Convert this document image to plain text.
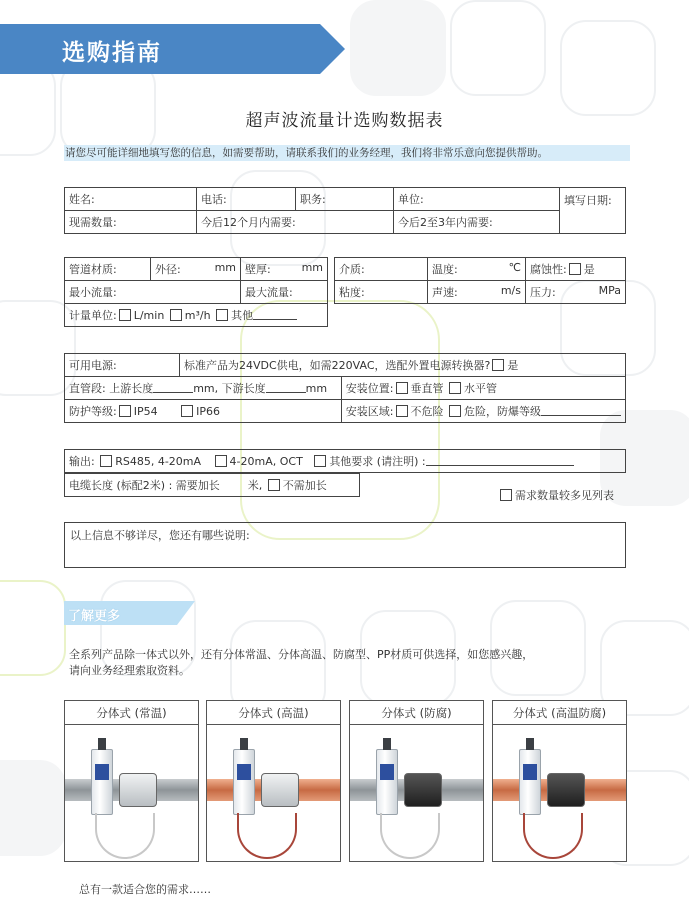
选购指南
超声波流量计选购数据表
请您尽可能详细地填写您的信息，如需要帮助，请联系我们的业务经理，我们将非常乐意向您提供帮助。
姓名:	电话:	职务:	单位:	填写日期:
现需数量:	今后12个月内需要:		今后2至3年内需要:	
管道材质:	外径: mm	壁厚: mm

最小流量:		最大流量:
计量单位: L/min m³/h 其他		
介质:	温度: ℃	腐蚀性: 是
粘度:	声速: m/s	压力: MPa
可用电源:	标准产品为24VDC供电，如需220VAC，选配外置电源转换器? 是	
直管段: 上游长度 mm, 下游长度 mm		安装位置: 垂直管 水平管
防护等级: IP54 IP66		安装区域: 不危险 危险，防爆等级
输出: RS485, 4-20mA	4-20mA, OCT 其他要求 (请注明) :
电缆长度 (标配2米) : 需要加长	米, 不需加长
需求数量较多见列表
以上信息不够详尽，您还有哪些说明:
了解更多
全系列产品除一体式以外，还有分体常温、分体高温、防腐型、PP材质可供选择，如您感兴趣，
请向业务经理索取资料。
分体式 (常温)	分体式 (高温)	分体式 (防腐)	分体式 (高温防腐)
总有一款适合您的需求……
